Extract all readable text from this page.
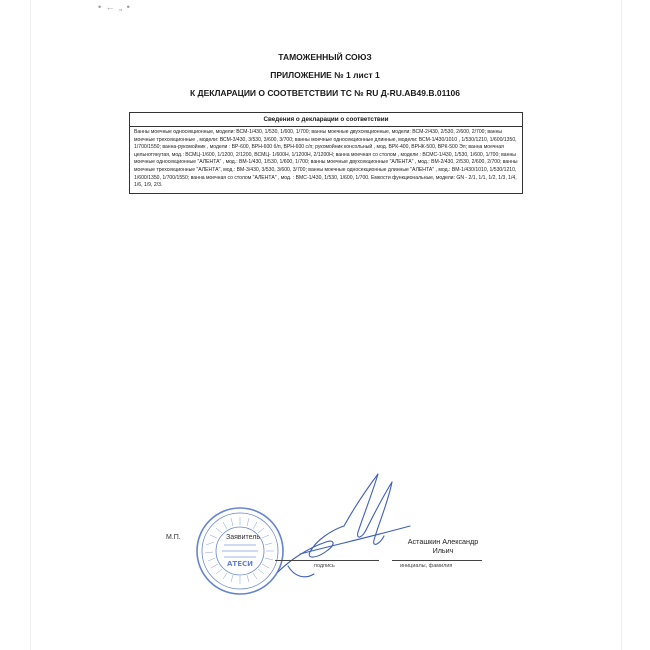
• ← „ •
ТАМОЖЕННЫЙ СОЮЗ
ПРИЛОЖЕНИЕ № 1 лист 1
К ДЕКЛАРАЦИИ О СООТВЕТСТВИИ ТС № RU Д-RU.АВ49.В.01106
Сведения о декларации о соответствии
Ванны моечные односекционные, модели: ВСМ-1/430, 1/530, 1/600, 1/700; ванны моечные двухсекционные, модели: ВСМ-2/430, 2/530, 2/600, 2/700; ванны моечные трехсекционные , модели: ВСМ-3/430, 3/530, 3/600, 3/700; ванны моечные односекционные длинные, модели: ВСМ-1/430/1010 , 1/530/1210, 1/600/1350, 1/700/1550; ванна-рукомойник , модели : ВР-600, ВРН-600 б/п, ВРН-600 с/п; рукомойник консольный , мод. ВРК-400, ВРНК-500, ВРК-500 Эл; ванна моечная цельнотянутая, мод.: ВСМЦ-1/600, 1/1200, 2/1200, ВСМЦ- 1/600Н, 1/1200Н, 2/1200Н; ванна моечная со столом , модели : ВСМС-1/430, 1/530, 1/600, 1/700; ванны моечные односекционные "АЛЕНТА" , мод.: ВМ-1/430, 1/530, 1/600, 1/700; ванны моечные двухсекционные "АЛЕНТА" , мод.: ВМ-2/430, 2/530, 2/600, 2/700; ванны моечные трехсекционные "АЛЕНТА", мод.: ВМ-3/430, 3/530, 3/600, 3/700; ванны моечные односекционные длинные "АЛЕНТА" , мод.: ВМ-1/430/1010, 1/530/1210, 1/600/1350, 1/700/1550; ванна моечная со столом "АЛЕНТА" , мод. : ВМС-1/430, 1/530, 1/600, 1/700. Емкости функциональные, модели: GN - 2/1, 1/1, 1/2, 1/3, 1/4, 1/6, 1/9, 2/3.
АТЕСИ
М.П.	Заявитель	Асташкин Александр
Ильич
подпись	инициалы, фамилия
